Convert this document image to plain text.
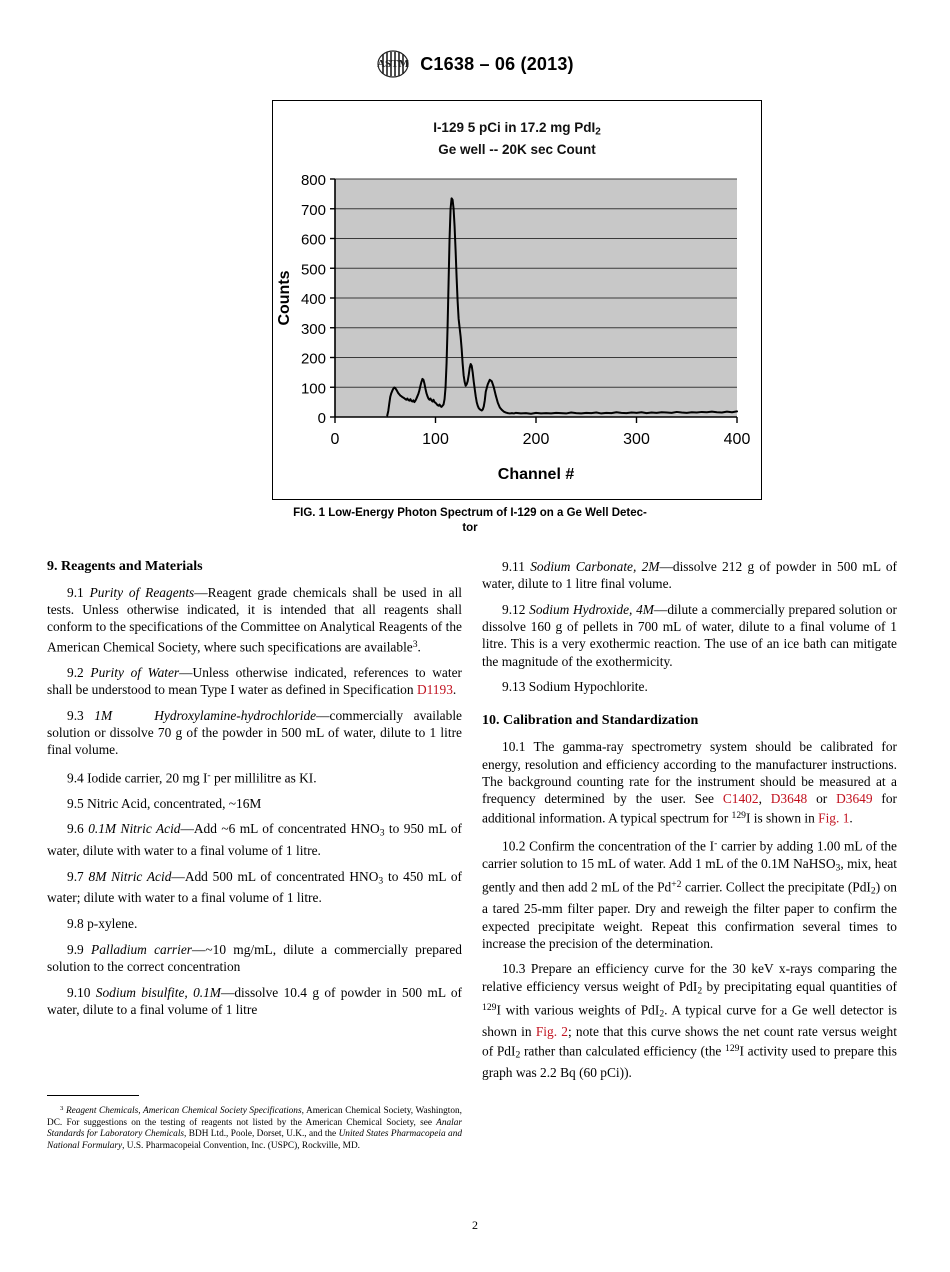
ASTM C1638 – 06 (2013)
I-129 5 pCi in 17.2 mg PdI$_2$
Ge well -- 20K sec Count
0
100
200
300
400
500
600
700
800
0	100	200	300	400
Counts
Channel #
FIG. 1 Low-Energy Photon Spectrum of I-129 on a Ge Well Detec-
tor
9. Reagents and Materials

9.1 Purity of Reagents—Reagent grade chemicals shall be used in all tests. Unless otherwise indicated, it is intended that all reagents shall conform to the specifications of the Committee on Analytical Reagents of the American Chemical Society, where such specifications are available$^3$.

9.2 Purity of Water—Unless otherwise indicated, references to water shall be understood to mean Type I water as defined in Specification D1193.

9.3 1M    Hydroxylamine-hydrochloride—commercially available solution or dissolve 70 g of the powder in 500 mL of water, dilute to 1 litre final volume.

9.4 Iodide carrier, 20 mg I- per millilitre as KI.

9.5 Nitric Acid, concentrated, ~16M

9.6 0.1M Nitric Acid—Add ~6 mL of concentrated $HNO_3$ to 950 mL of water, dilute with water to a final volume of 1 litre.

9.7 8M Nitric Acid—Add 500 mL of concentrated $HNO_3$ to 450 mL of water; dilute with water to a final volume of 1 litre.

9.8 p-xylene.

9.9 Palladium carrier—~10 mg/mL, dilute a commercially prepared solution to the correct concentration

9.10 Sodium bisulfite, 0.1M—dissolve 10.4 g of powder in 500 mL of water, dilute to a final volume of 1 litre

9.11 Sodium Carbonate, 2M—dissolve 212 g of powder in 500 mL of water, dilute to 1 litre final volume.

9.12 Sodium Hydroxide, 4M—dilute a commercially prepared solution or dissolve 160 g of pellets in 700 mL of water, dilute to a final volume of 1 litre. This is a very exothermic reaction. The use of an ice bath can mitigate the magnitude of the exothermicity.

9.13 Sodium Hypochlorite.

10. Calibration and Standardization

10.1 The gamma-ray spectrometry system should be calibrated for energy, resolution and efficiency according to the manufacturer instructions. The background counting rate for the instrument should be measured at a frequency determined by the user. See C1402, D3648 or D3649 for additional information. A typical spectrum for $^{129}$I is shown in Fig. 1.

10.2 Confirm the concentration of the I- carrier by adding 1.00 mL of the carrier solution to 15 mL of water. Add 1 mL of the 0.1M NaHSO$_3$, mix, heat gently and then add 2 mL of the $Pd^{+2}$ carrier. Collect the precipitate (PdI$_2$) on a tared 25-mm filter paper. Dry and reweigh the filter paper to confirm the expected precipitate weight. Repeat this confirmation several times to increase the precision of the determination.

10.3 Prepare an efficiency curve for the 30 keV x-rays comparing the relative efficiency versus weight of PdI$_2$ by precipitating equal quantities of $^{129}$I with various weights of PdI$_2$. A typical curve for a Ge well detector is shown in Fig. 2; note that this curve shows the net count rate versus weight of PdI$_2$ rather than calculated efficiency (the $^{129}$I activity used to prepare this graph was 2.2 Bq (60 pCi)).

$^3$ Reagent Chemicals, American Chemical Society Specifications, American Chemical Society, Washington, DC. For suggestions on the testing of reagents not listed by the American Chemical Society, see Analar Standards for Laboratory Chemicals, BDH Ltd., Poole, Dorset, U.K., and the United States Pharmacopeia and National Formulary, U.S. Pharmacopeial Convention, Inc. (USPC), Rockville, MD.

2
